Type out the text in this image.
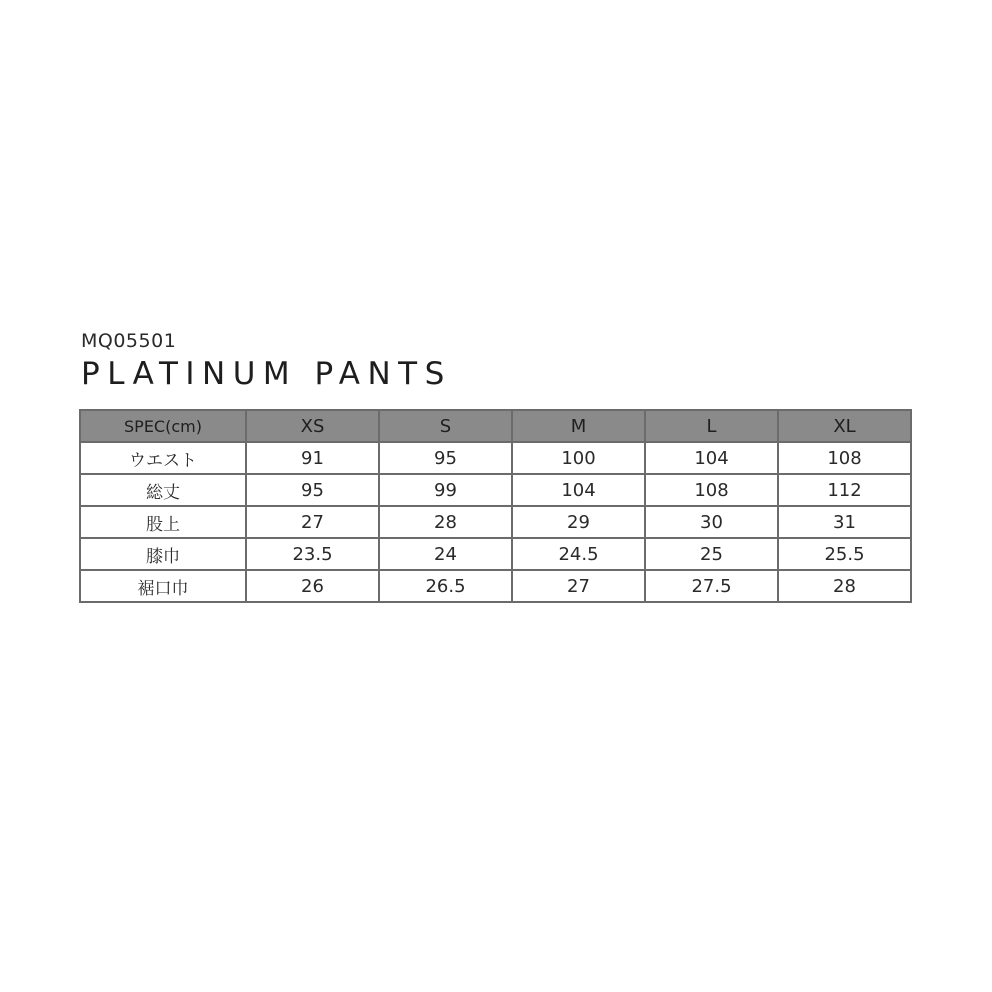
MQ05501
PLATINUM PANTS
SPEC(cm)	XS	S	M	L	XL
ウエスト	91	95	100	104	108
総丈	95	99	104	108	112
股上	27	28	29	30	31
膝巾	23.5	24	24.5	25	25.5
裾口巾	26	26.5	27	27.5	28
